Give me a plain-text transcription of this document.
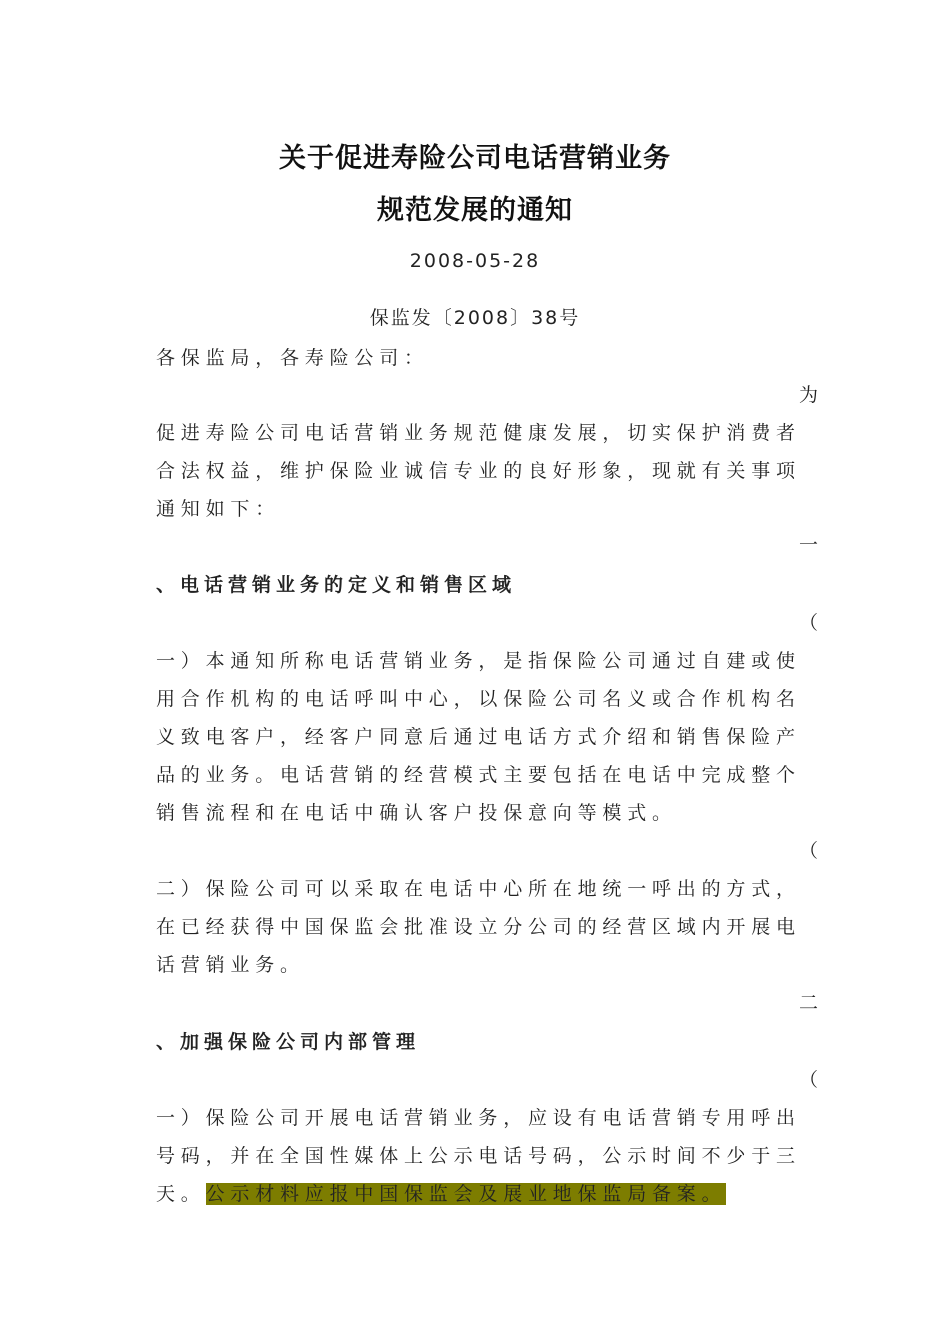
关于促进寿险公司电话营销业务
规范发展的通知

2008-05-28

保监发〔2008〕38号

各保监局，各寿险公司：

为

促进寿险公司电话营销业务规范健康发展，切实保护消费者

合法权益，维护保险业诚信专业的良好形象，现就有关事项

通知如下：

一

、电话营销业务的定义和销售区域

（

一）本通知所称电话营销业务，是指保险公司通过自建或使

用合作机构的电话呼叫中心，以保险公司名义或合作机构名

义致电客户，经客户同意后通过电话方式介绍和销售保险产

品的业务。电话营销的经营模式主要包括在电话中完成整个

销售流程和在电话中确认客户投保意向等模式。

（

二）保险公司可以采取在电话中心所在地统一呼出的方式，

在已经获得中国保监会批准设立分公司的经营区域内开展电

话营销业务。

二

、加强保险公司内部管理

（

一）保险公司开展电话营销业务，应设有电话营销专用呼出

号码，并在全国性媒体上公示电话号码，公示时间不少于三

天。公示材料应报中国保监会及展业地保监局备案。
